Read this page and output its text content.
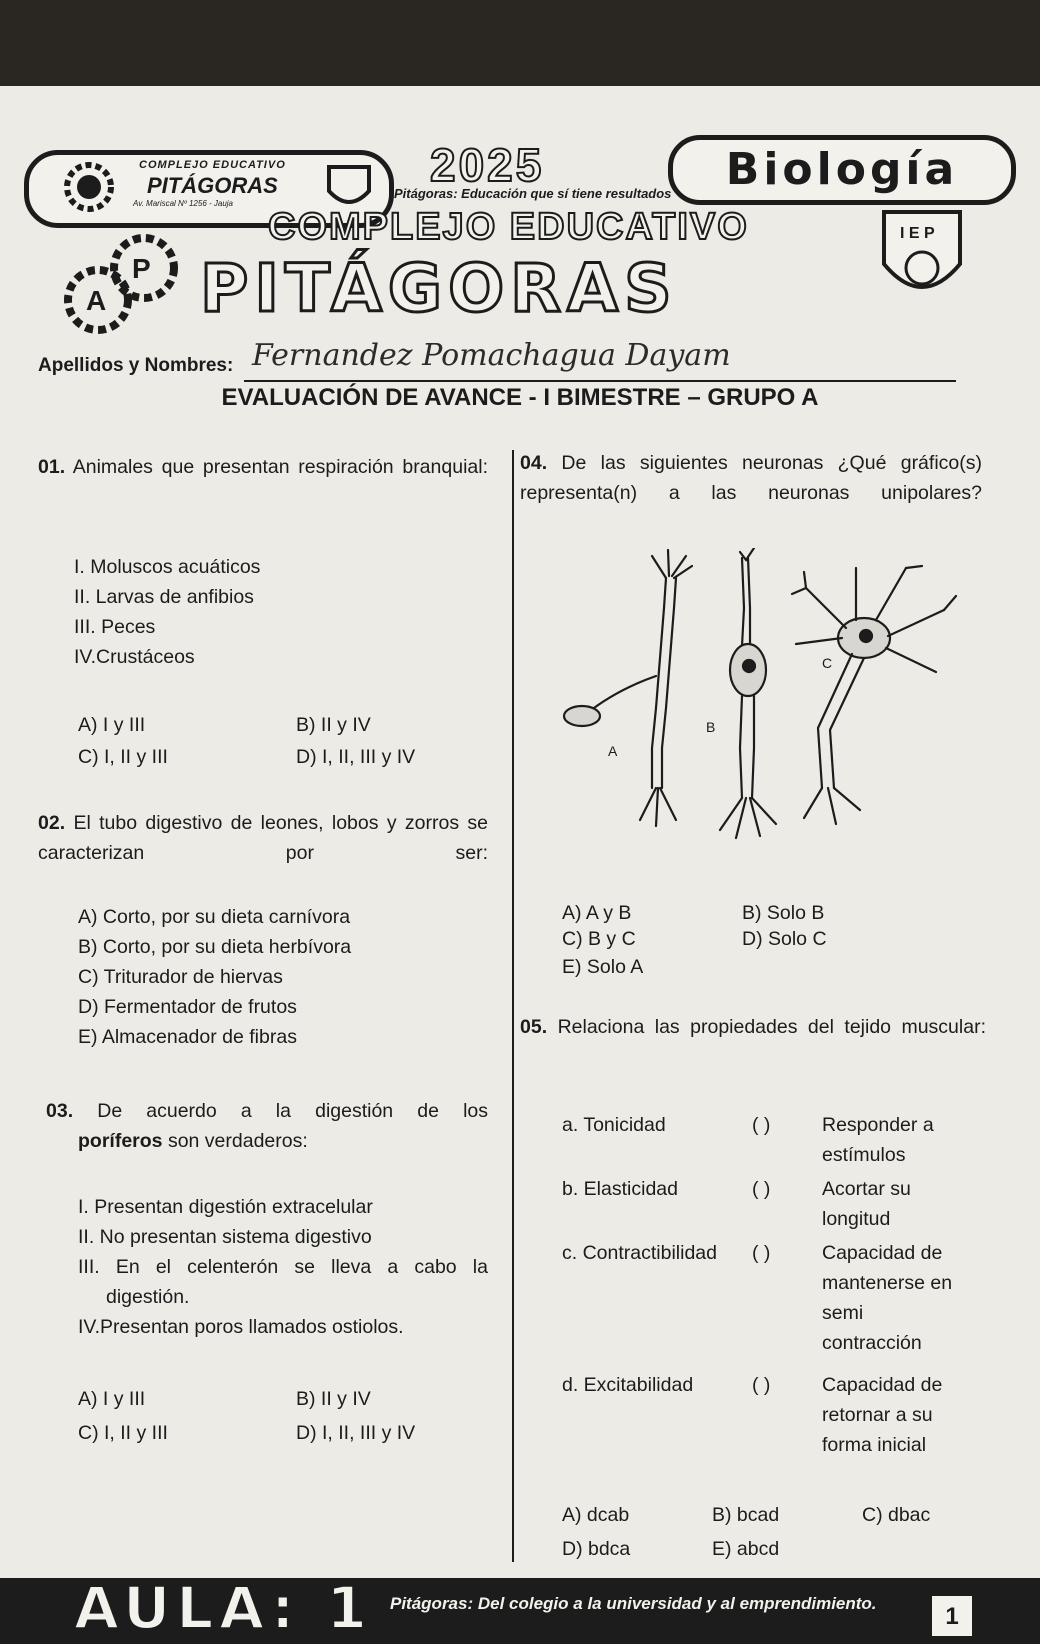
COMPLEJO EDUCATIVO
PITÁGORAS
Av. Mariscal Nº 1256 - Jauja
2025
Pitágoras: Educación que sí tiene resultados	Biología
P
A
COMPLEJO EDUCATIVO
PITÁGORAS
I E P
Apellidos y Nombres: Fernandez Pomachagua Dayam
EVALUACIÓN DE AVANCE - I BIMESTRE – GRUPO A
01. Animales que presentan respiración branquial:
I. Moluscos acuáticos
II. Larvas de anfibios
III. Peces
IV.Crustáceos
A) I y III	B) II y IV
C) I, II y III	D) I, II, III y IV
02. El tubo digestivo de leones, lobos y zorros se caracterizan por ser:
A) Corto, por su dieta carnívora
B) Corto, por su dieta herbívora
C) Triturador de hiervas
D) Fermentador de frutos
E) Almacenador de fibras
03. De acuerdo a la digestión de los
poríferos son verdaderos:
I. Presentan digestión extracelular
II. No presentan sistema digestivo
III. En el celenterón se lleva a cabo la
digestión.
IV.Presentan poros llamados ostiolos.
A) I y III	B) II y IV
C) I, II y III	D) I, II, III y IV
04. De las siguientes neuronas ¿Qué gráfico(s) representa(n) a las neuronas unipolares?
A
B
C
A) A y B	B) Solo B
C) B y C	D) Solo C
E) Solo A
05. Relaciona las propiedades del tejido muscular:
a. Tonicidad	( )	Responder a
estímulos
b. Elasticidad	( )	Acortar su
longitud
c. Contractibilidad ( )	Capacidad de
mantenerse en
semi
contracción
d. Excitabilidad	( )	Capacidad de
retornar a su
forma inicial
A) dcab	B) bcad	C) dbac
D) bdca	E) abcd
AULA: 1 Pitágoras: Del colegio a la universidad y al emprendimiento.	1
